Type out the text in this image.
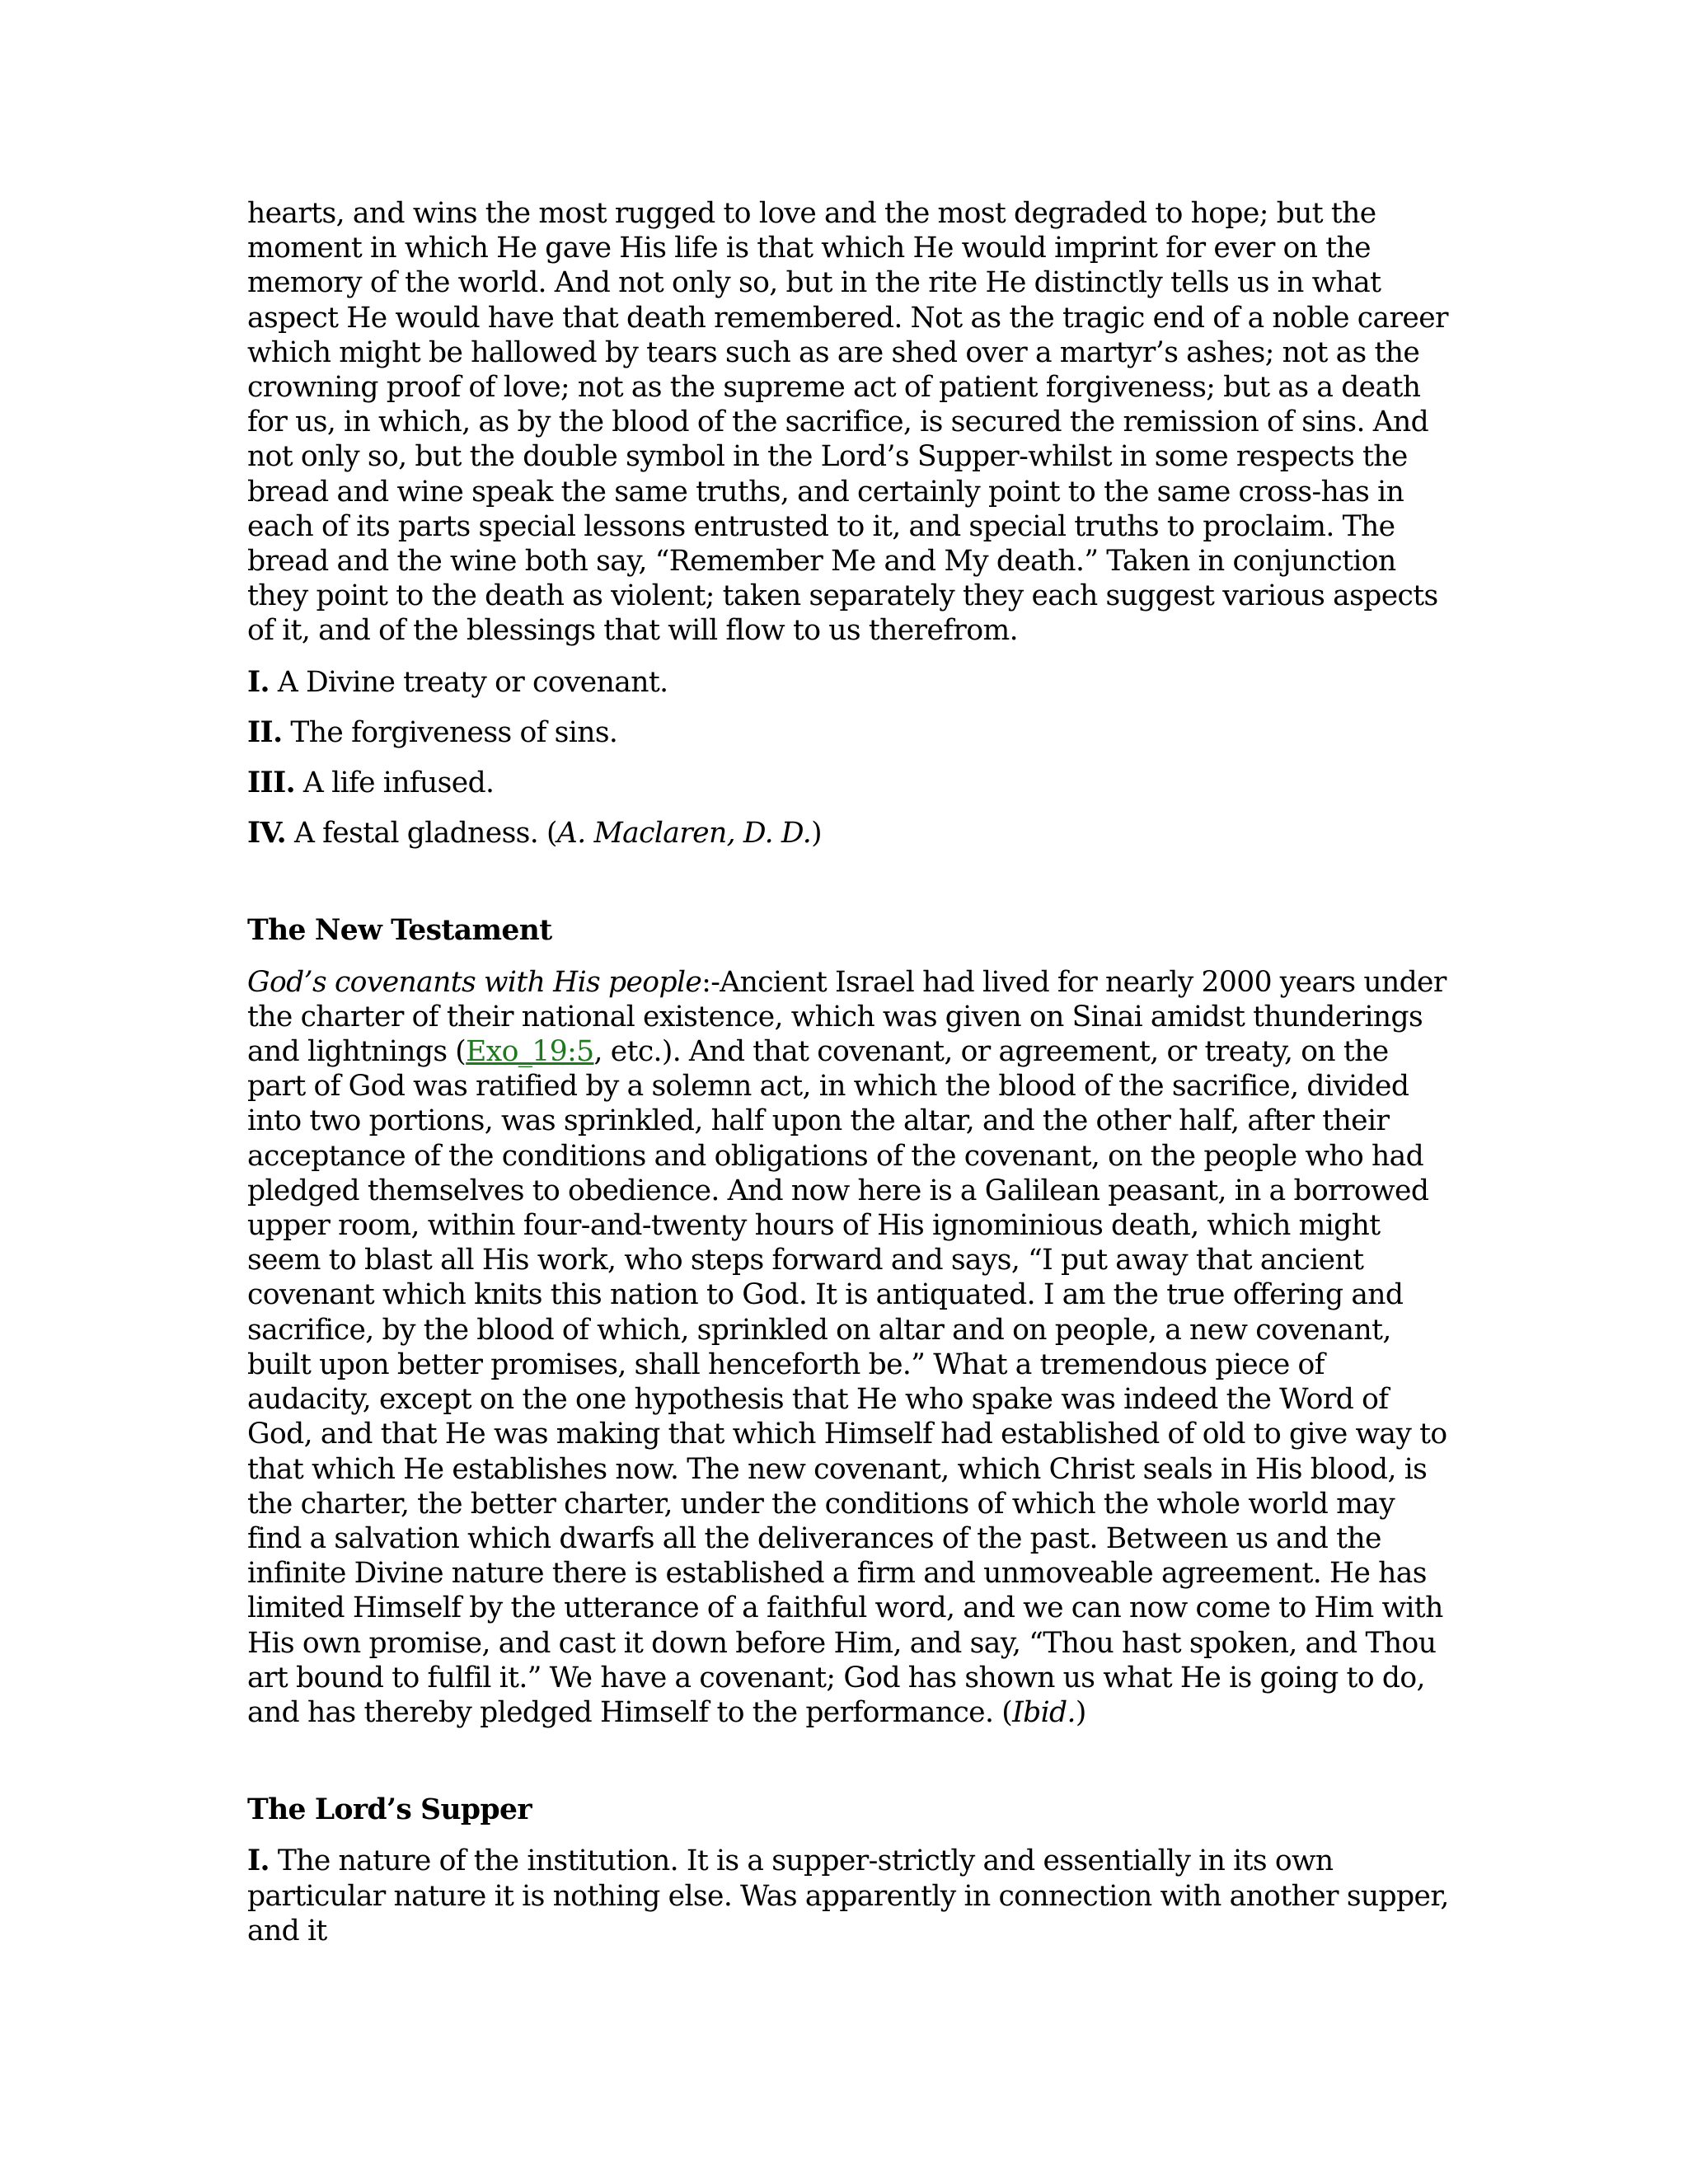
hearts, and wins the most rugged to love and the most degraded to hope; but the moment in which He gave His life is that which He would imprint for ever on the memory of the world. And not only so, but in the rite He distinctly tells us in what aspect He would have that death remembered. Not as the tragic end of a noble career which might be hallowed by tears such as are shed over a martyr’s ashes; not as the crowning proof of love; not as the supreme act of patient forgiveness; but as a death for us, in which, as by the blood of the sacrifice, is secured the remission of sins. And not only so, but the double symbol in the Lord’s Supper-whilst in some respects the bread and wine speak the same truths, and certainly point to the same cross-has in each of its parts special lessons entrusted to it, and special truths to proclaim. The bread and the wine both say, “Remember Me and My death.” Taken in conjunction they point to the death as violent; taken separately they each suggest various aspects of it, and of the blessings that will flow to us therefrom.

I. A Divine treaty or covenant.

II. The forgiveness of sins.

III. A life infused.

IV. A festal gladness. (A. Maclaren, D. D.)

The New Testament

God’s covenants with His people:-Ancient Israel had lived for nearly 2000 years under the charter of their national existence, which was given on Sinai amidst thunderings and lightnings (Exo_19:5, etc.). And that covenant, or agreement, or treaty, on the part of God was ratified by a solemn act, in which the blood of the sacrifice, divided into two portions, was sprinkled, half upon the altar, and the other half, after their acceptance of the conditions and obligations of the covenant, on the people who had pledged themselves to obedience. And now here is a Galilean peasant, in a borrowed upper room, within four-and-twenty hours of His ignominious death, which might seem to blast all His work, who steps forward and says, “I put away that ancient covenant which knits this nation to God. It is antiquated. I am the true offering and sacrifice, by the blood of which, sprinkled on altar and on people, a new covenant, built upon better promises, shall henceforth be.” What a tremendous piece of audacity, except on the one hypothesis that He who spake was indeed the Word of God, and that He was making that which Himself had established of old to give way to that which He establishes now. The new covenant, which Christ seals in His blood, is the charter, the better charter, under the conditions of which the whole world may find a salvation which dwarfs all the deliverances of the past. Between us and the infinite Divine nature there is established a firm and unmoveable agreement. He has limited Himself by the utterance of a faithful word, and we can now come to Him with His own promise, and cast it down before Him, and say, “Thou hast spoken, and Thou art bound to fulfil it.” We have a covenant; God has shown us what He is going to do, and has thereby pledged Himself to the performance. (Ibid.)

The Lord’s Supper

I. The nature of the institution. It is a supper-strictly and essentially in its own particular nature it is nothing else. Was apparently in connection with another supper, and it
